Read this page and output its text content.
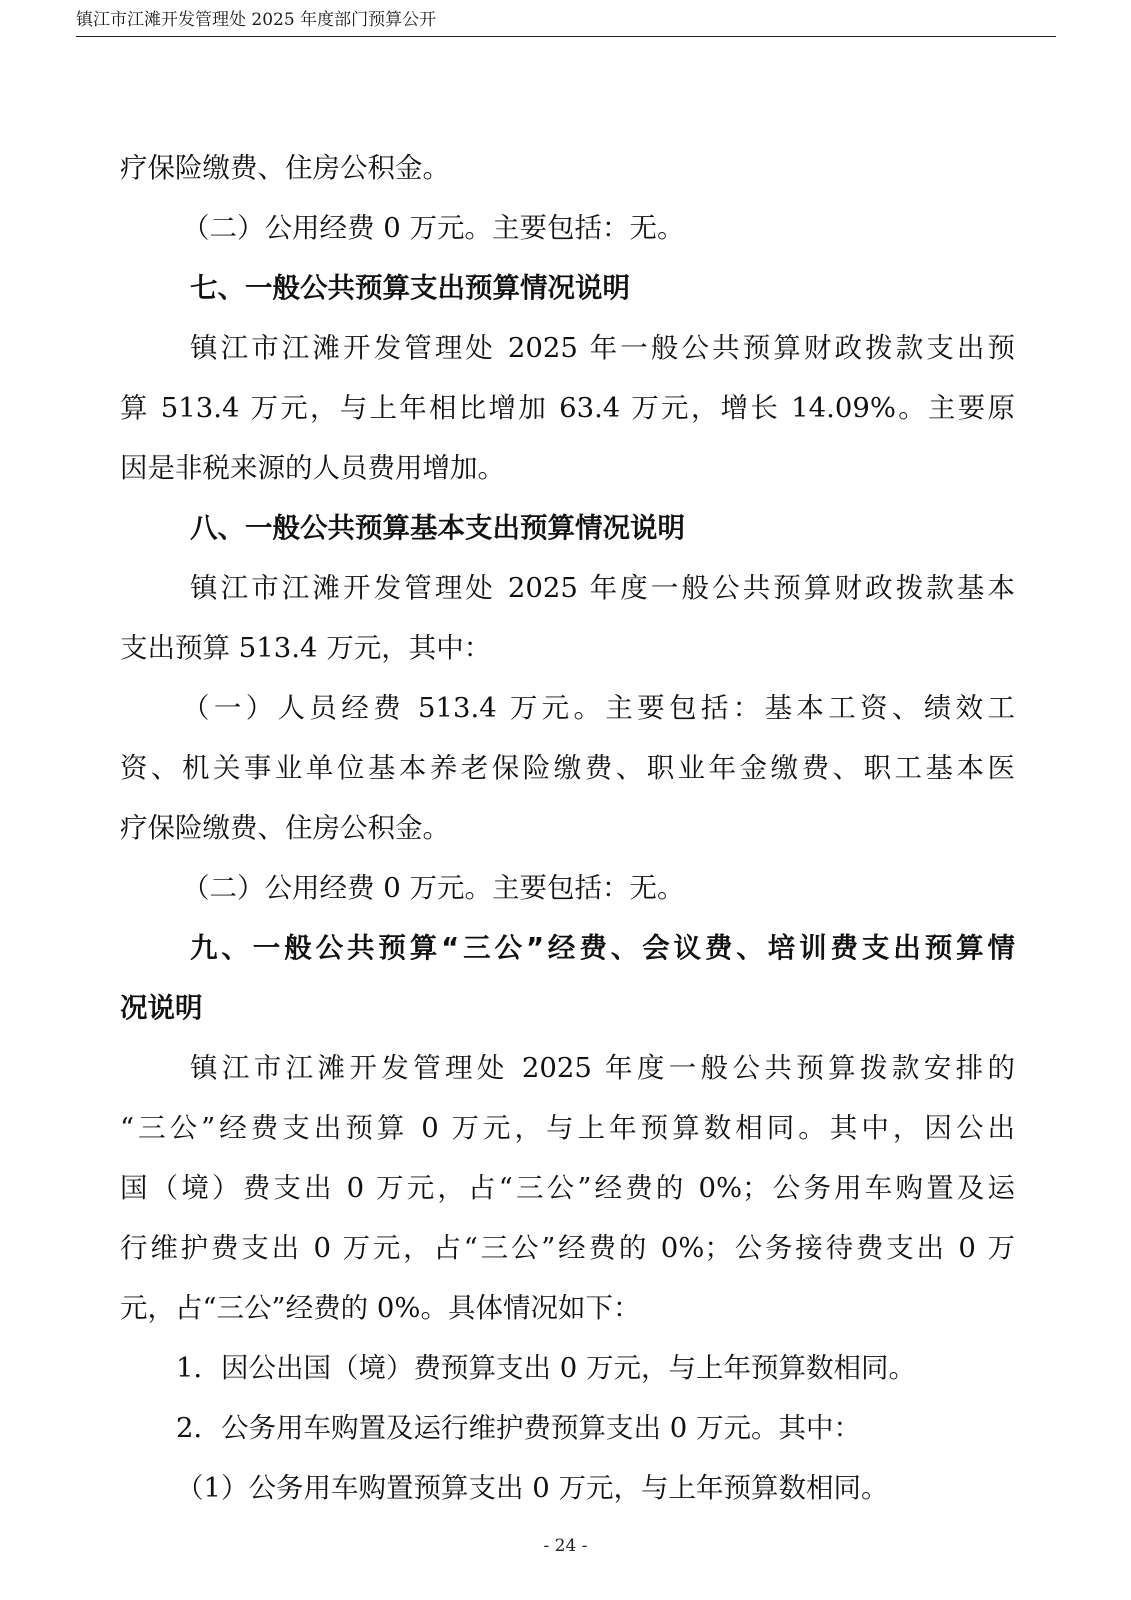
镇江市江滩开发管理处 2025 年度部门预算公开
疗保险缴费、住房公积金。
（二）公用经费 0 万元。主要包括：无。
七、一般公共预算支出预算情况说明
镇江市江滩开发管理处 2025 年一般公共预算财政拨款支出预
算 513.4 万元，与上年相比增加 63.4 万元，增长 14.09%。主要原
因是非税来源的人员费用增加。
八、一般公共预算基本支出预算情况说明
镇江市江滩开发管理处 2025 年度一般公共预算财政拨款基本
支出预算 513.4 万元，其中：
（一）人员经费 513.4 万元。主要包括：基本工资、绩效工
资、机关事业单位基本养老保险缴费、职业年金缴费、职工基本医
疗保险缴费、住房公积金。
（二）公用经费 0 万元。主要包括：无。
九、一般公共预算“三公”经费、会议费、培训费支出预算情
况说明
镇江市江滩开发管理处 2025 年度一般公共预算拨款安排的
“三公”经费支出预算 0 万元，与上年预算数相同。其中，因公出
国（境）费支出 0 万元，占“三公”经费的 0%；公务用车购置及运
行维护费支出 0 万元，占“三公”经费的 0%；公务接待费支出 0 万
元，占“三公”经费的 0%。具体情况如下：
1．因公出国（境）费预算支出 0 万元，与上年预算数相同。
2．公务用车购置及运行维护费预算支出 0 万元。其中：
（1）公务用车购置预算支出 0 万元，与上年预算数相同。
- 24 -
